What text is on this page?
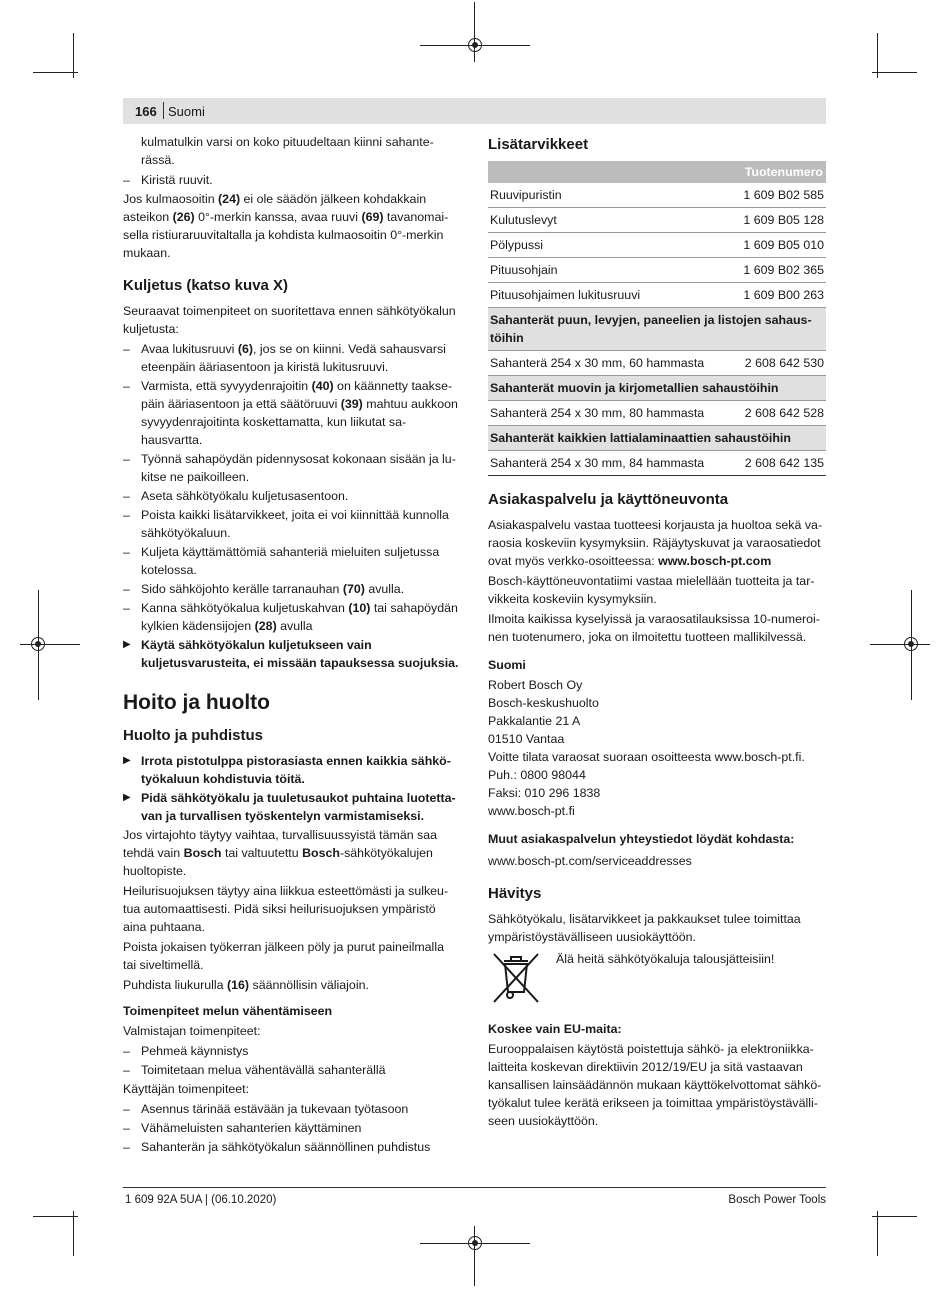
166 Suomi

kulmatulkin varsi on koko pituudeltaan kiinni sahante-rässä.

– Kiristä ruuvit.

Jos kulmaosoitin (24) ei ole säädön jälkeen kohdakkain asteikon (26) 0°-merkin kanssa, avaa ruuvi (69) tavanomaisella ristiuraruuvitaltalla ja kohdista kulmaosoitin 0°-merkin mukaan.

Kuljetus (katso kuva X)

Seuraavat toimenpiteet on suoritettava ennen sähkötyökalun kuljetusta:

– Avaa lukitusruuvi (6), jos se on kiinni. Vedä sahausvarsi eteenpäin ääriasentoon ja kiristä lukitusruuvi.
– Varmista, että syvyydenrajoitin (40) on käännetty taaksepäin ääriasentoon ja että säätöruuvi (39) mahtuu aukkoon syvyydenrajoitinta koskettamatta, kun liikutat sahausvartta.
– Työnnä sahapöydän pidennysosat kokonaan sisään ja lukitse ne paikoilleen.
– Aseta sähkötyökalu kuljetusasentoon.
– Poista kaikki lisätarvikkeet, joita ei voi kiinnittää kunnolla sähkötyökaluun.
– Kuljeta käyttämättömiä sahanteriä mieluiten suljetussa kotelossa.
– Sido sähköjohto kerälle tarranauhan (70) avulla.
– Kanna sähkötyökalua kuljetuskahvan (10) tai sahapöydän kylkien kädensijojen (28) avulla
▶ Käytä sähkötyökalun kuljetukseen vain kuljetusvarusteita, ei missään tapauksessa suojuksia.
Hoito ja huolto
Huolto ja puhdistus
▶ Irrota pistotulppa pistorasiasta ennen kaikkia sähkötyökaluun kohdistuvia töitä.
▶ Pidä sähkötyökalu ja tuuletusaukot puhtaina luotettavan ja turvallisen työskentelyn varmistamiseksi.

Jos virtajohto täytyy vaihtaa, turvallisuussyistä tämän saa tehdä vain Bosch tai valtuutettu Bosch-sähkötyökalujen huoltopiste.

Heilurisuojuksen täytyy aina liikkua esteettömästi ja sulkeutua automaattisesti. Pidä siksi heilurisuojuksen ympäristö aina puhtaana.

Poista jokaisen työkerran jälkeen pöly ja purut paineilmalla tai siveltimellä.

Puhdista liukurulla (16) säännöllisin väliajoin.

Toimenpiteet melun vähentämiseen

Valmistajan toimenpiteet:

– Pehmeä käynnistys
– Toimitetaan melua vähentävällä sahanterällä

Käyttäjän toimenpiteet:

– Asennus tärinää estävään ja tukevaan työtasoon
– Vähämeluisten sahanterien käyttäminen
– Sahanterän ja sähkötyökalun säännöllinen puhdistus
Lisätarvikkeet
Tuotenumero	
Ruuvipuristin	1 609 B02 585
Kulutuslevyt	1 609 B05 128
Pölypussi	1 609 B05 010
Pituusohjain	1 609 B02 365
Pituusohjaimen lukitusruuvi	1 609 B00 263
Sahanterät puun, levyjen, paneelien ja listojen sahaustöihin	
Sahanterä 254 x 30 mm, 60 hammasta	2 608 642 530
Sahanterät muovin ja kirjometallien sahaustöihin	
Sahanterä 254 x 30 mm, 80 hammasta	2 608 642 528
Sahanterät kaikkien lattialaminaattien sahaustöihin	
Sahanterä 254 x 30 mm, 84 hammasta	2 608 642 135
Asiakaspalvelu ja käyttöneuvonta

Asiakaspalvelu vastaa tuotteesi korjausta ja huoltoa sekä varaosia koskeviin kysymyksiin. Räjäytyskuvat ja varaosatiedot ovat myös verkko-osoitteessa: www.bosch-pt.com

Bosch-käyttöneuvontatiimi vastaa mielellään tuotteita ja tarvikkeita koskeviin kysymyksiin.

Ilmoita kaikissa kyselyissä ja varaosatilauksissa 10-numeroinen tuotenumero, joka on ilmoitettu tuotteen mallikilvessä.

Suomi
Robert Bosch Oy
Bosch-keskushuolto
Pakkalantie 21 A
01510 Vantaa
Voitte tilata varaosat suoraan osoitteesta www.bosch-pt.fi.
Puh.: 0800 98044
Faksi: 010 296 1838
www.bosch-pt.fi
Muut asiakaspalvelun yhteystiedot löydät kohdasta:

www.bosch-pt.com/serviceaddresses

Hävitys

Sähkötyökalu, lisätarvikkeet ja pakkaukset tulee toimittaa ympäristöystävälliseen uusiokäyttöön.

Älä heitä sähkötyökaluja talousjätteisiin!
Koskee vain EU-maita:

Eurooppalaisen käytöstä poistettuja sähkö- ja elektroniikkalaitteita koskevan direktiivin 2012/19/EU ja sitä vastaavan kansallisen lainsäädännön mukaan käyttökelvottomat sähkötyökalut tulee kerätä erikseen ja toimittaa ympäristöystävälliseen uusiokäyttöön.

1 609 92A 5UA | (06.10.2020)	Bosch Power Tools
